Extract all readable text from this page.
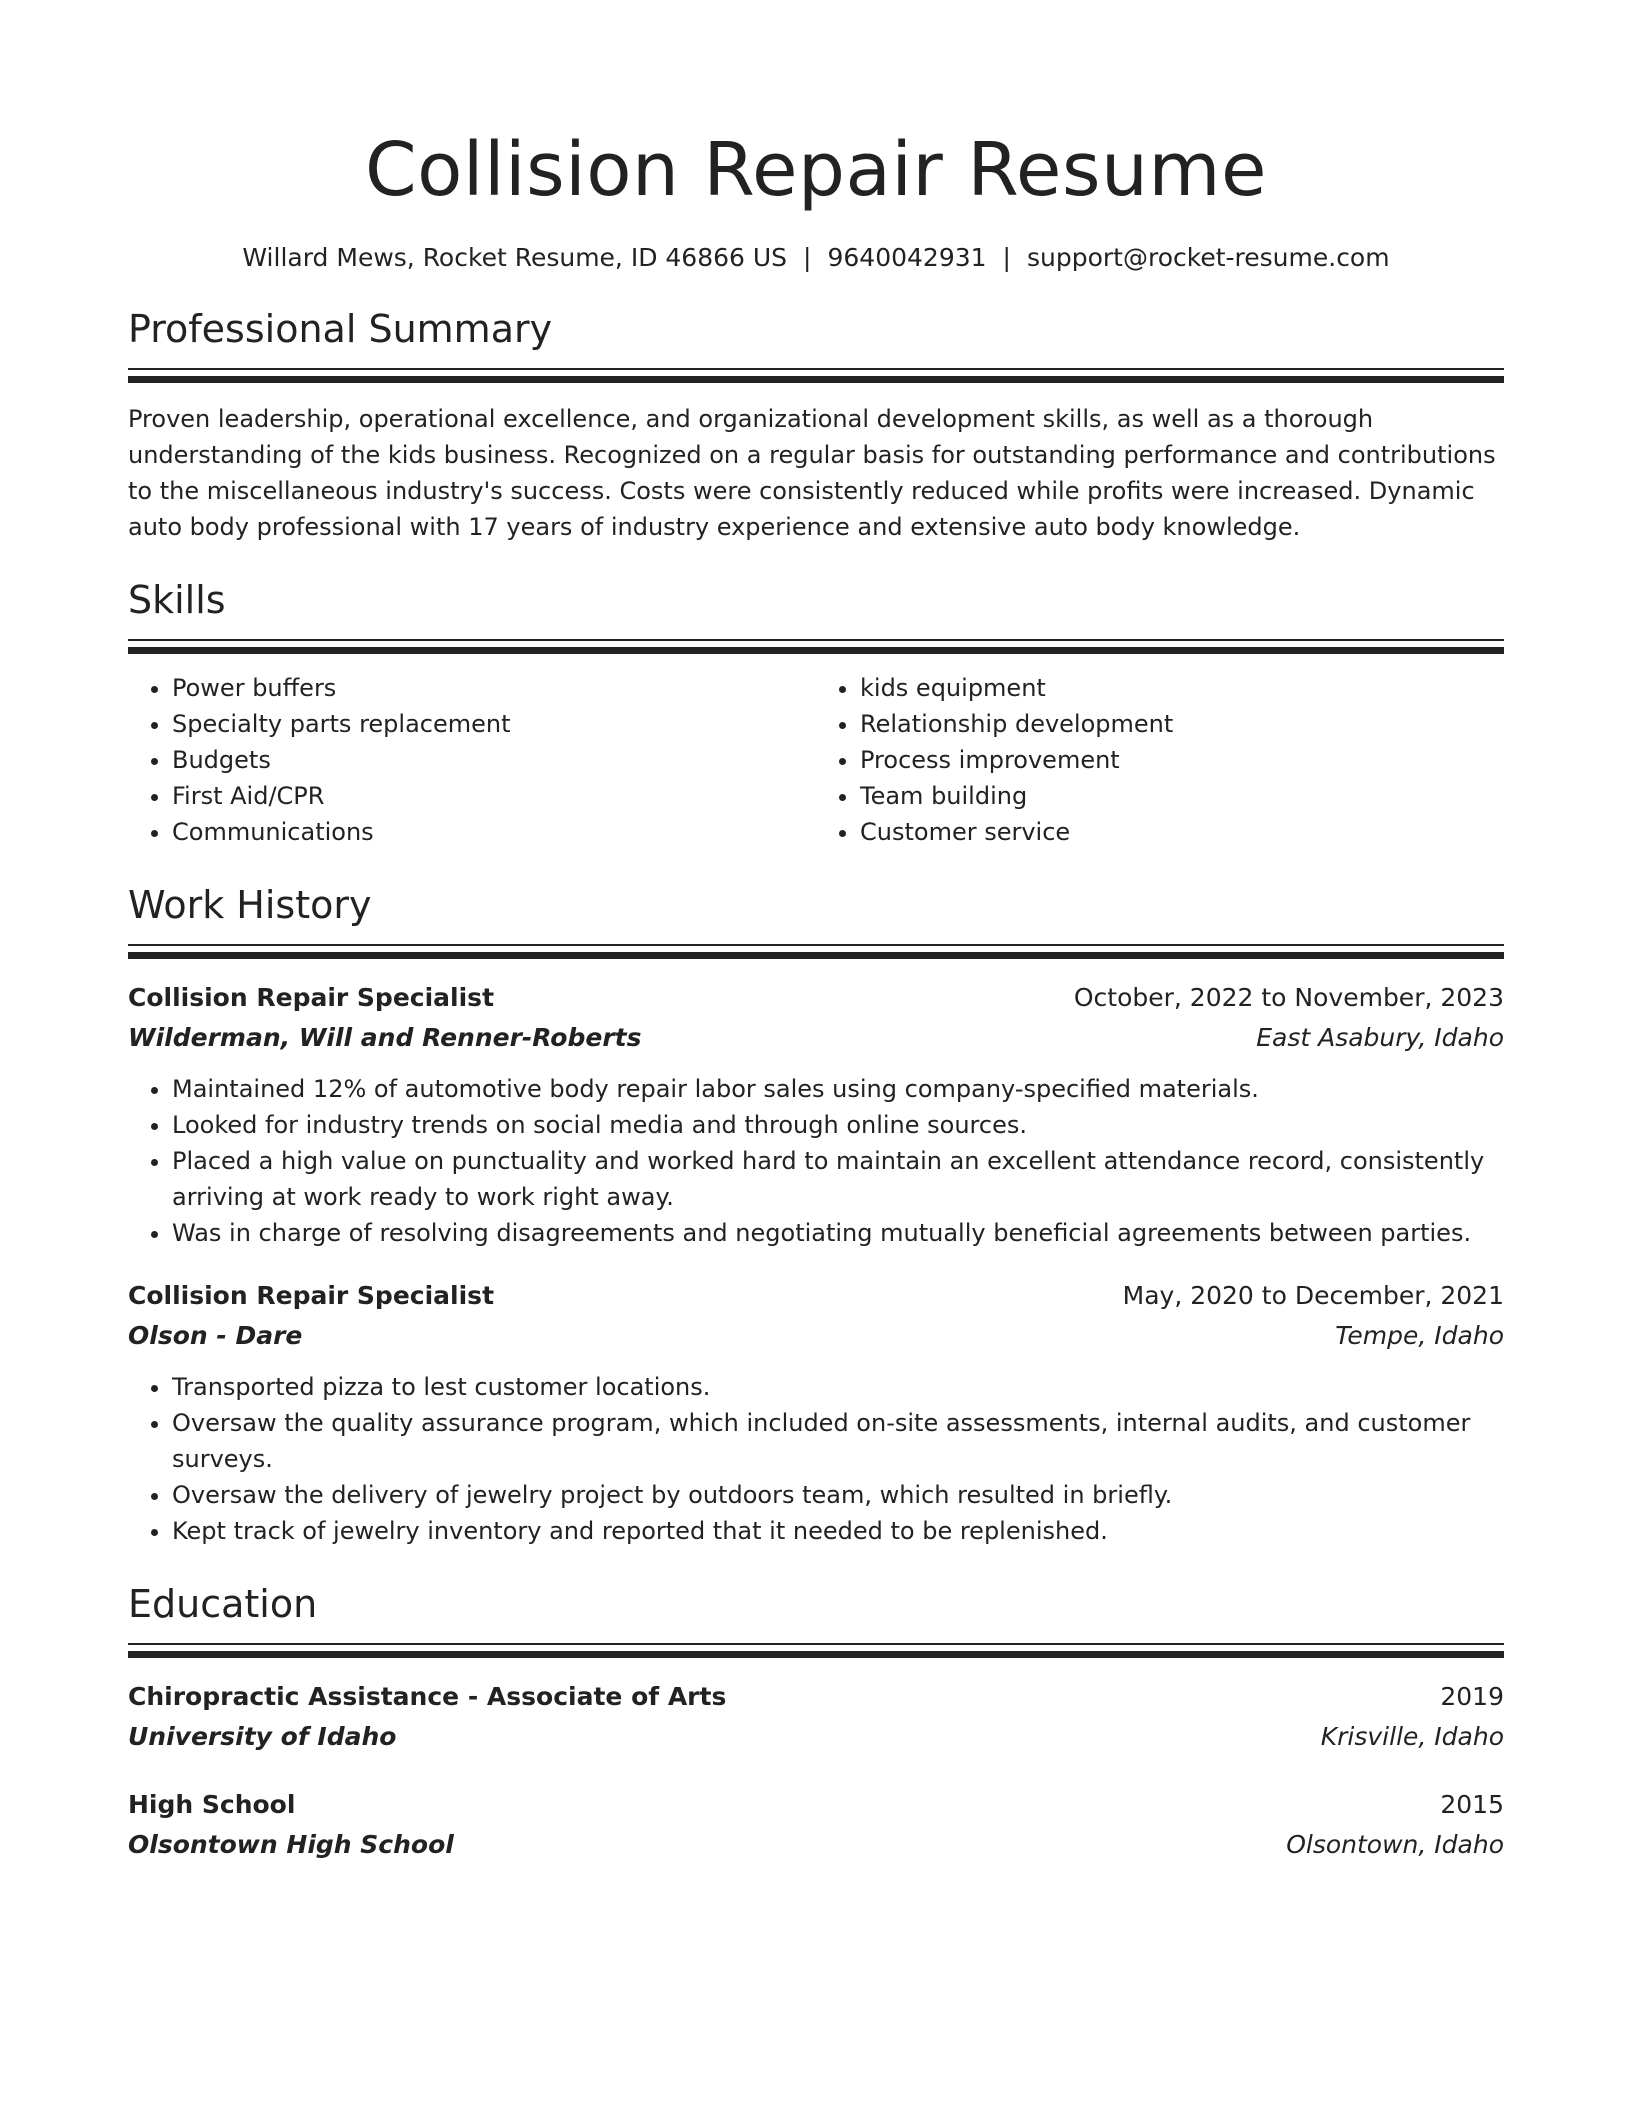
Collision Repair Resume
Willard Mews, Rocket Resume, ID 46866 US | 9640042931 | support@rocket-resume.com
Professional Summary
Proven leadership, operational excellence, and organizational development skills, as well as a thorough understanding of the kids business. Recognized on a regular basis for outstanding performance and contributions to the miscellaneous industry's success. Costs were consistently reduced while profits were increased. Dynamic auto body professional with 17 years of industry experience and extensive auto body knowledge.
Skills
• Power buffers
• Specialty parts replacement
• Budgets
• First Aid/CPR
• Communications
• kids equipment
• Relationship development
• Process improvement
• Team building
• Customer service
Work History
Collision Repair Specialist	October, 2022 to November, 2023
Wilderman, Will and Renner-Roberts	East Asabury, Idaho
• Maintained 12% of automotive body repair labor sales using company-specified materials.
• Looked for industry trends on social media and through online sources.
• Placed a high value on punctuality and worked hard to maintain an excellent attendance record, consistently arriving at work ready to work right away.
• Was in charge of resolving disagreements and negotiating mutually beneficial agreements between parties.
Collision Repair Specialist	May, 2020 to December, 2021
Olson - Dare	Tempe, Idaho
• Transported pizza to lest customer locations.
• Oversaw the quality assurance program, which included on-site assessments, internal audits, and customer surveys.
• Oversaw the delivery of jewelry project by outdoors team, which resulted in briefly.
• Kept track of jewelry inventory and reported that it needed to be replenished.
Education
Chiropractic Assistance - Associate of Arts	2019
University of Idaho	Krisville, Idaho
High School	2015
Olsontown High School	Olsontown, Idaho
